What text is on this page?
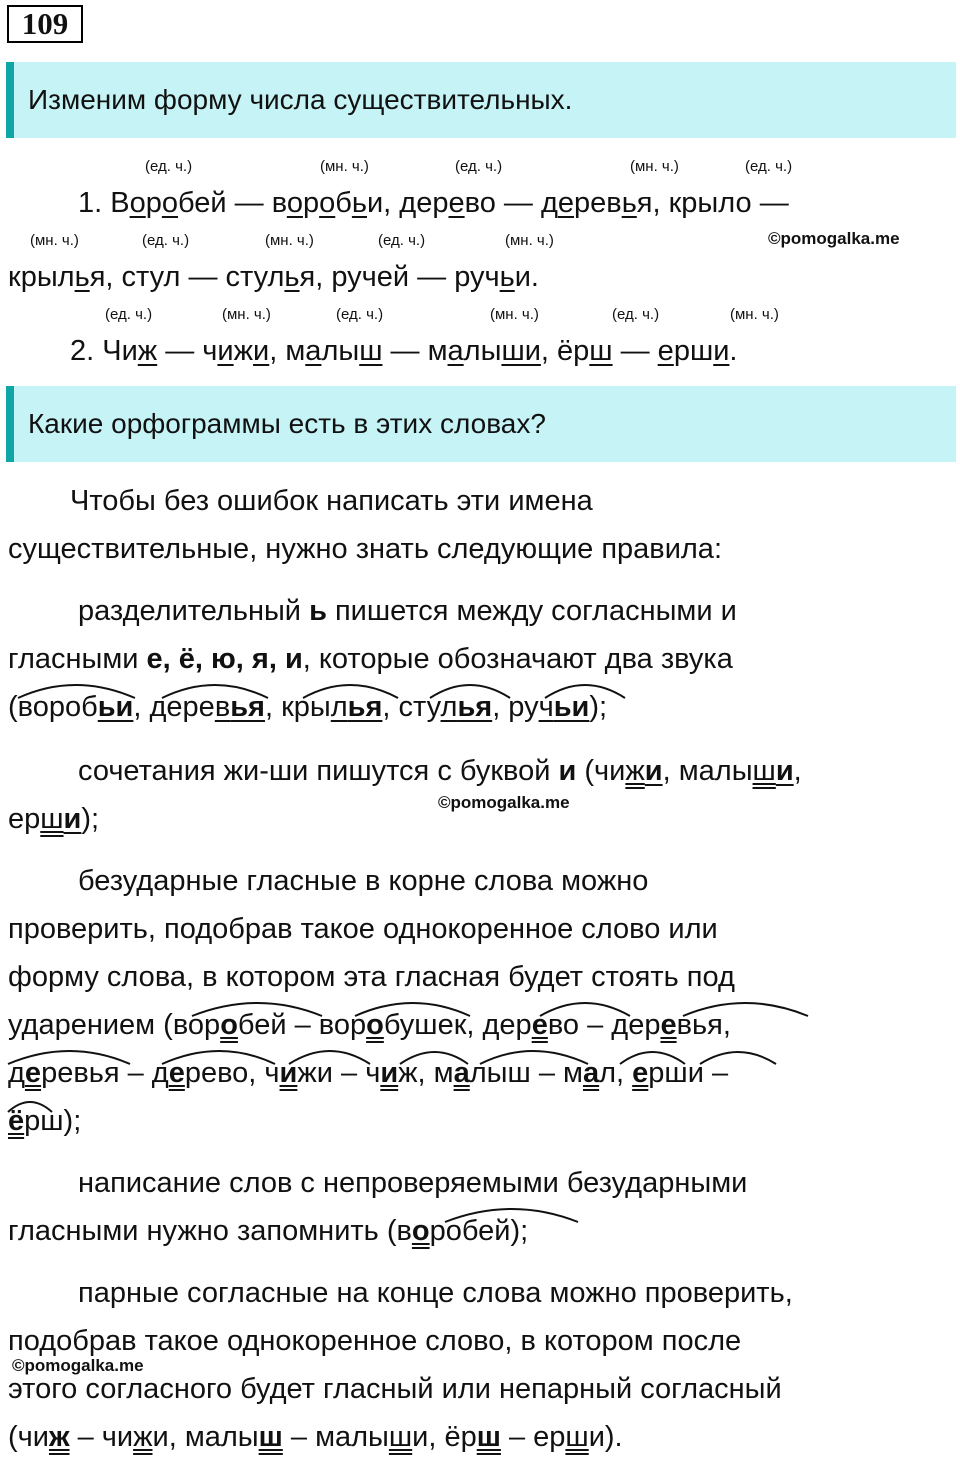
109
Изменим форму числа существительных.
(ед. ч.)	(мн. ч.)	(ед. ч.)	(мн. ч.)	(ед. ч.)
1. Воробей — воробьи, дерево — деревья, крыло —
(мн. ч.)	(ед. ч.)	(мн. ч.)	(ед. ч.)	(мн. ч.)	©pomogalka.me
крылья, стул — стулья, ручей — ручьи.
(ед. ч.)	(мн. ч.)	(ед. ч.)	(мн. ч.)	(ед. ч.)	(мн. ч.)
2. Чиж — чижи, малыш — малыши, ёрш — ерши.
Какие орфограммы есть в этих словах?
Чтобы без ошибок написать эти имена
существительные, нужно знать следующие правила:
разделительный ь пишется между согласными и
гласными е, ё, ю, я, и, которые обозначают два звука
(воробьи, деревья, крылья, стулья, ручьи);
сочетания жи-ши пишутся с буквой и (чижи, малыши,
ерши);
©pomogalka.me
безударные гласные в корне слова можно
проверить, подобрав такое однокоренное слово или
форму слова, в котором эта гласная будет стоять под
ударением (воробей – воробушек, дерево – деревья,
деревья – дерево, чижи – чиж, малыш – мал, ерши –
ёрш);
написание слов с непроверяемыми безударными
гласными нужно запомнить (воробей);
парные согласные на конце слова можно проверить,
подобрав такое однокоренное слово, в котором после
©pomogalka.me
этого согласного будет гласный или непарный согласный
(чиж – чижи, малыш – малыши, ёрш – ерши).
